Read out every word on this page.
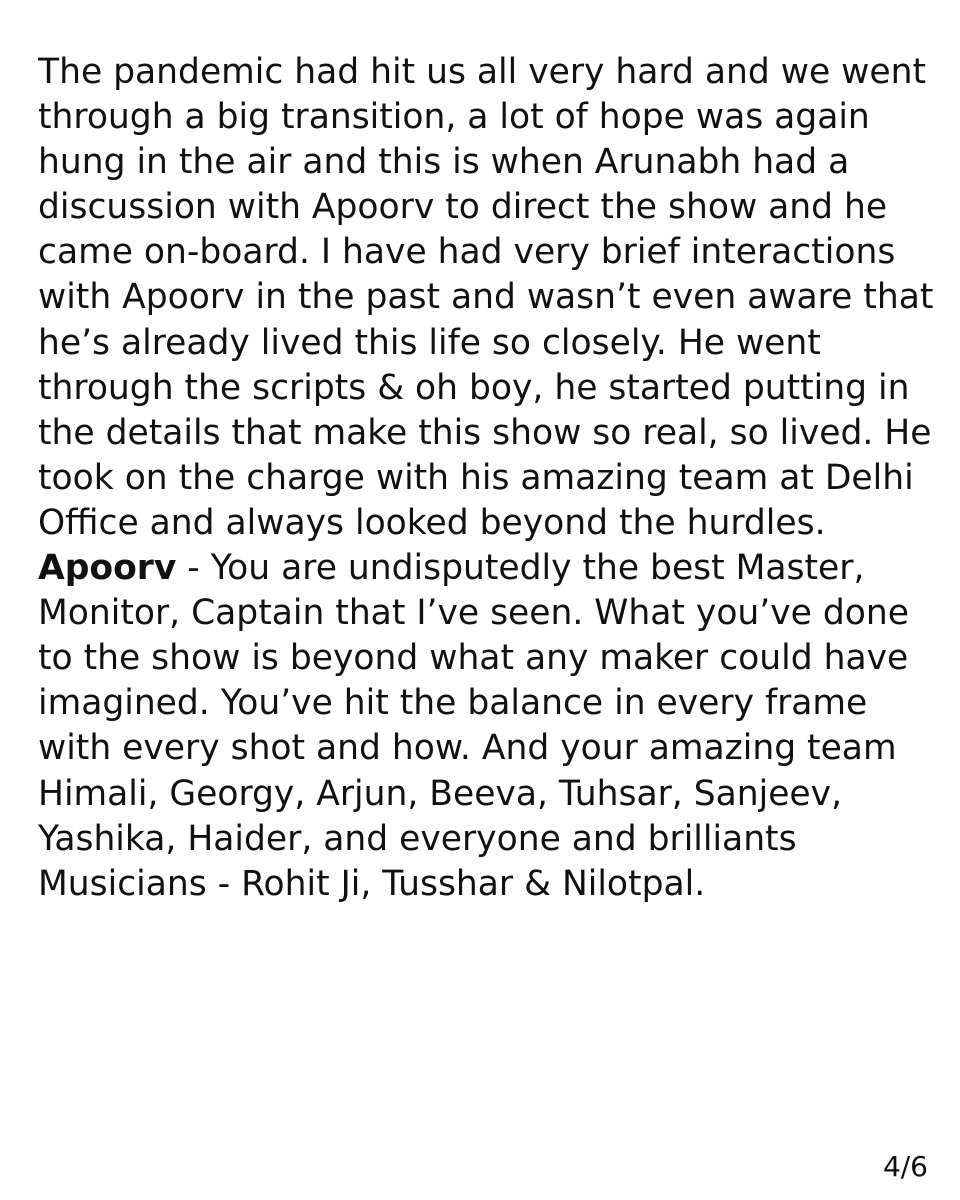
The pandemic had hit us all very hard and we went through a big transition, a lot of hope was again hung in the air and this is when Arunabh had a discussion with Apoorv to direct the show and he came on-board. I have had very brief interactions with Apoorv in the past and wasn’t even aware that he’s already lived this life so closely. He went through the scripts & oh boy, he started putting in the details that make this show so real, so lived. He took on the charge with his amazing team at Delhi Office and always looked beyond the hurdles.

Apoorv - You are undisputedly the best Master, Monitor, Captain that I’ve seen. What you’ve done to the show is beyond what any maker could have imagined. You’ve hit the balance in every frame with every shot and how. And your amazing team Himali, Georgy, Arjun, Beeva, Tuhsar, Sanjeev, Yashika, Haider, and everyone and brilliants Musicians - Rohit Ji, Tusshar & Nilotpal.

4/6
